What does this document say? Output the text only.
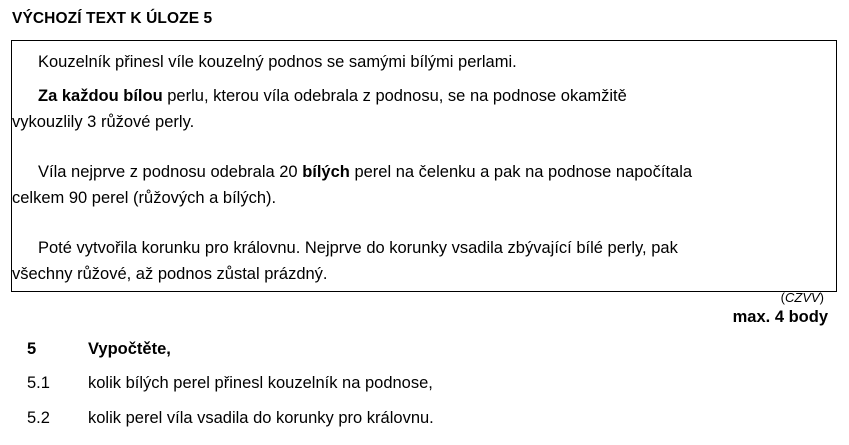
VÝCHOZÍ TEXT K ÚLOZE 5
Kouzelník přinesl víle kouzelný podnos se samými bílými perlami.
Za každou bílou perlu, kterou víla odebrala z podnosu, se na podnose okamžitě
vykouzlily 3 růžové perly.
Víla nejprve z podnosu odebrala 20 bílých perel na čelenku a pak na podnose napočítala
celkem 90 perel (růžových a bílých).
Poté vytvořila korunku pro královnu. Nejprve do korunky vsadila zbývající bílé perly, pak
všechny růžové, až podnos zůstal prázdný.
(CZVV)
max. 4 body
5	Vypočtěte,
5.1 kolik bílých perel přinesl kouzelník na podnose,
5.2 kolik perel víla vsadila do korunky pro královnu.
